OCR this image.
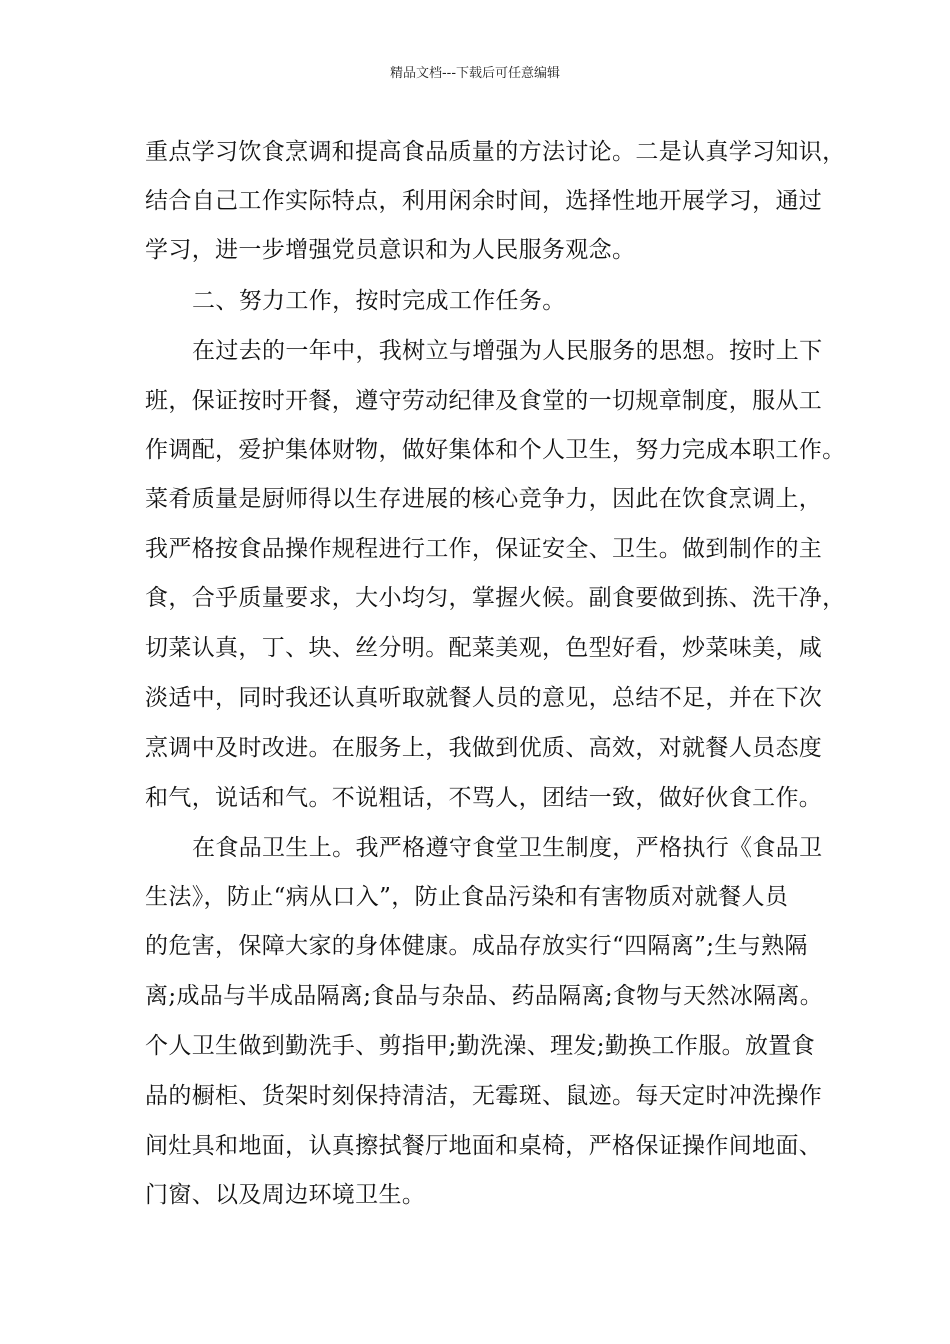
精品文档---下载后可任意编辑
重点学习饮食烹调和提高食品质量的方法讨论。二是认真学习知识，
结合自己工作实际特点，利用闲余时间，选择性地开展学习，通过
学习，进一步增强党员意识和为人民服务观念。
二、努力工作，按时完成工作任务。
在过去的一年中，我树立与增强为人民服务的思想。按时上下
班，保证按时开餐，遵守劳动纪律及食堂的一切规章制度，服从工
作调配，爱护集体财物，做好集体和个人卫生，努力完成本职工作。
菜肴质量是厨师得以生存进展的核心竞争力，因此在饮食烹调上，
我严格按食品操作规程进行工作，保证安全、卫生。做到制作的主
食，合乎质量要求，大小均匀，掌握火候。副食要做到拣、洗干净，
切菜认真，丁、块、丝分明。配菜美观，色型好看，炒菜味美，咸
淡适中，同时我还认真听取就餐人员的意见，总结不足，并在下次
烹调中及时改进。在服务上，我做到优质、高效，对就餐人员态度
和气，说话和气。不说粗话，不骂人，团结一致，做好伙食工作。
在食品卫生上。我严格遵守食堂卫生制度，严格执行《食品卫
生法》，防止“病从口入”，防止食品污染和有害物质对就餐人员
的危害，保障大家的身体健康。成品存放实行“四隔离”;生与熟隔
离;成品与半成品隔离;食品与杂品、药品隔离;食物与天然冰隔离。
个人卫生做到勤洗手、剪指甲;勤洗澡、理发;勤换工作服。放置食
品的橱柜、货架时刻保持清洁，无霉斑、鼠迹。每天定时冲洗操作
间灶具和地面，认真擦拭餐厅地面和桌椅，严格保证操作间地面、
门窗、以及周边环境卫生。
